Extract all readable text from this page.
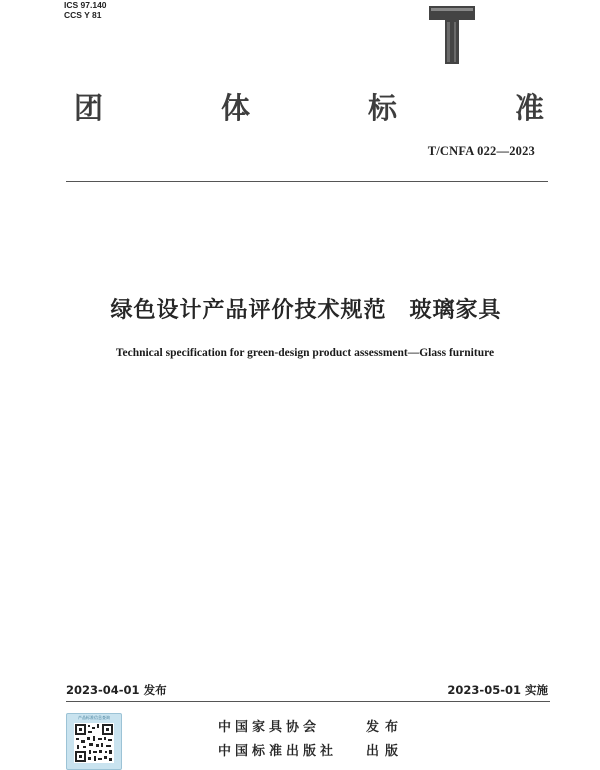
ICS 97.140
CCS Y 81
团	体	标	准
T/CNFA 022—2023
绿色设计产品评价技术规范　玻璃家具
Technical specification for green-design product assessment—Glass furniture
2023-04-01 发布	2023-05-01 实施
产品标准信息查询
中国家具协会	发布
中国标准出版社 出版
